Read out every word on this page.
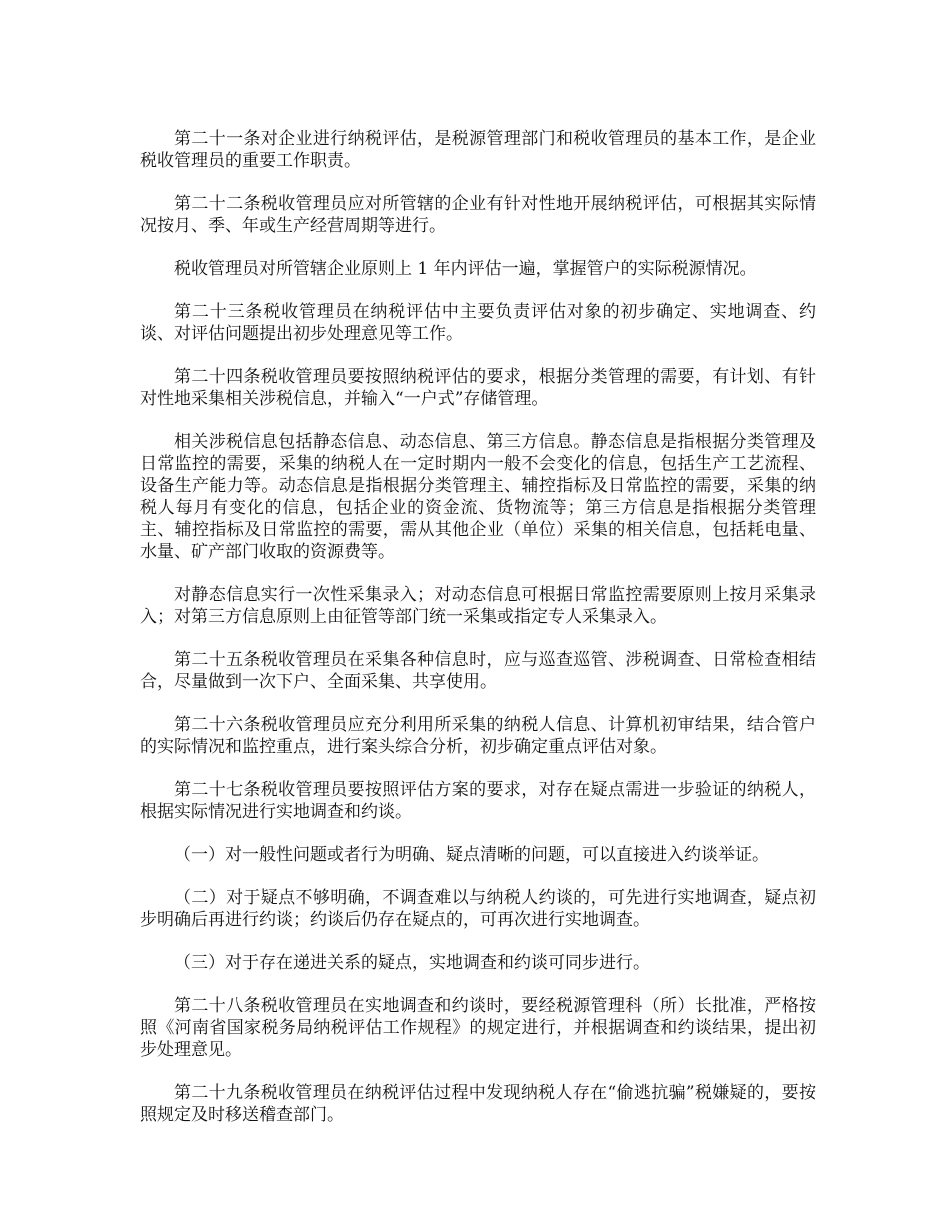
第二十一条对企业进行纳税评估，是税源管理部门和税收管理员的基本工作，是企业税收管理员的重要工作职责。

第二十二条税收管理员应对所管辖的企业有针对性地开展纳税评估，可根据其实际情况按月、季、年或生产经营周期等进行。

税收管理员对所管辖企业原则上 1 年内评估一遍，掌握管户的实际税源情况。

第二十三条税收管理员在纳税评估中主要负责评估对象的初步确定、实地调查、约谈、对评估问题提出初步处理意见等工作。

第二十四条税收管理员要按照纳税评估的要求，根据分类管理的需要，有计划、有针对性地采集相关涉税信息，并输入“一户式”存储管理。

相关涉税信息包括静态信息、动态信息、第三方信息。静态信息是指根据分类管理及日常监控的需要，采集的纳税人在一定时期内一般不会变化的信息，包括生产工艺流程、设备生产能力等。动态信息是指根据分类管理主、辅控指标及日常监控的需要，采集的纳税人每月有变化的信息，包括企业的资金流、货物流等；第三方信息是指根据分类管理主、辅控指标及日常监控的需要，需从其他企业（单位）采集的相关信息，包括耗电量、水量、矿产部门收取的资源费等。

对静态信息实行一次性采集录入；对动态信息可根据日常监控需要原则上按月采集录入；对第三方信息原则上由征管等部门统一采集或指定专人采集录入。

第二十五条税收管理员在采集各种信息时，应与巡查巡管、涉税调查、日常检查相结合，尽量做到一次下户、全面采集、共享使用。

第二十六条税收管理员应充分利用所采集的纳税人信息、计算机初审结果，结合管户的实际情况和监控重点，进行案头综合分析，初步确定重点评估对象。

第二十七条税收管理员要按照评估方案的要求，对存在疑点需进一步验证的纳税人，根据实际情况进行实地调查和约谈。

（一）对一般性问题或者行为明确、疑点清晰的问题，可以直接进入约谈举证。

（二）对于疑点不够明确，不调查难以与纳税人约谈的，可先进行实地调查，疑点初步明确后再进行约谈；约谈后仍存在疑点的，可再次进行实地调查。

（三）对于存在递进关系的疑点，实地调查和约谈可同步进行。

第二十八条税收管理员在实地调查和约谈时，要经税源管理科（所）长批准，严格按照《河南省国家税务局纳税评估工作规程》的规定进行，并根据调查和约谈结果，提出初步处理意见。

第二十九条税收管理员在纳税评估过程中发现纳税人存在“偷逃抗骗”税嫌疑的，要按照规定及时移送稽查部门。
